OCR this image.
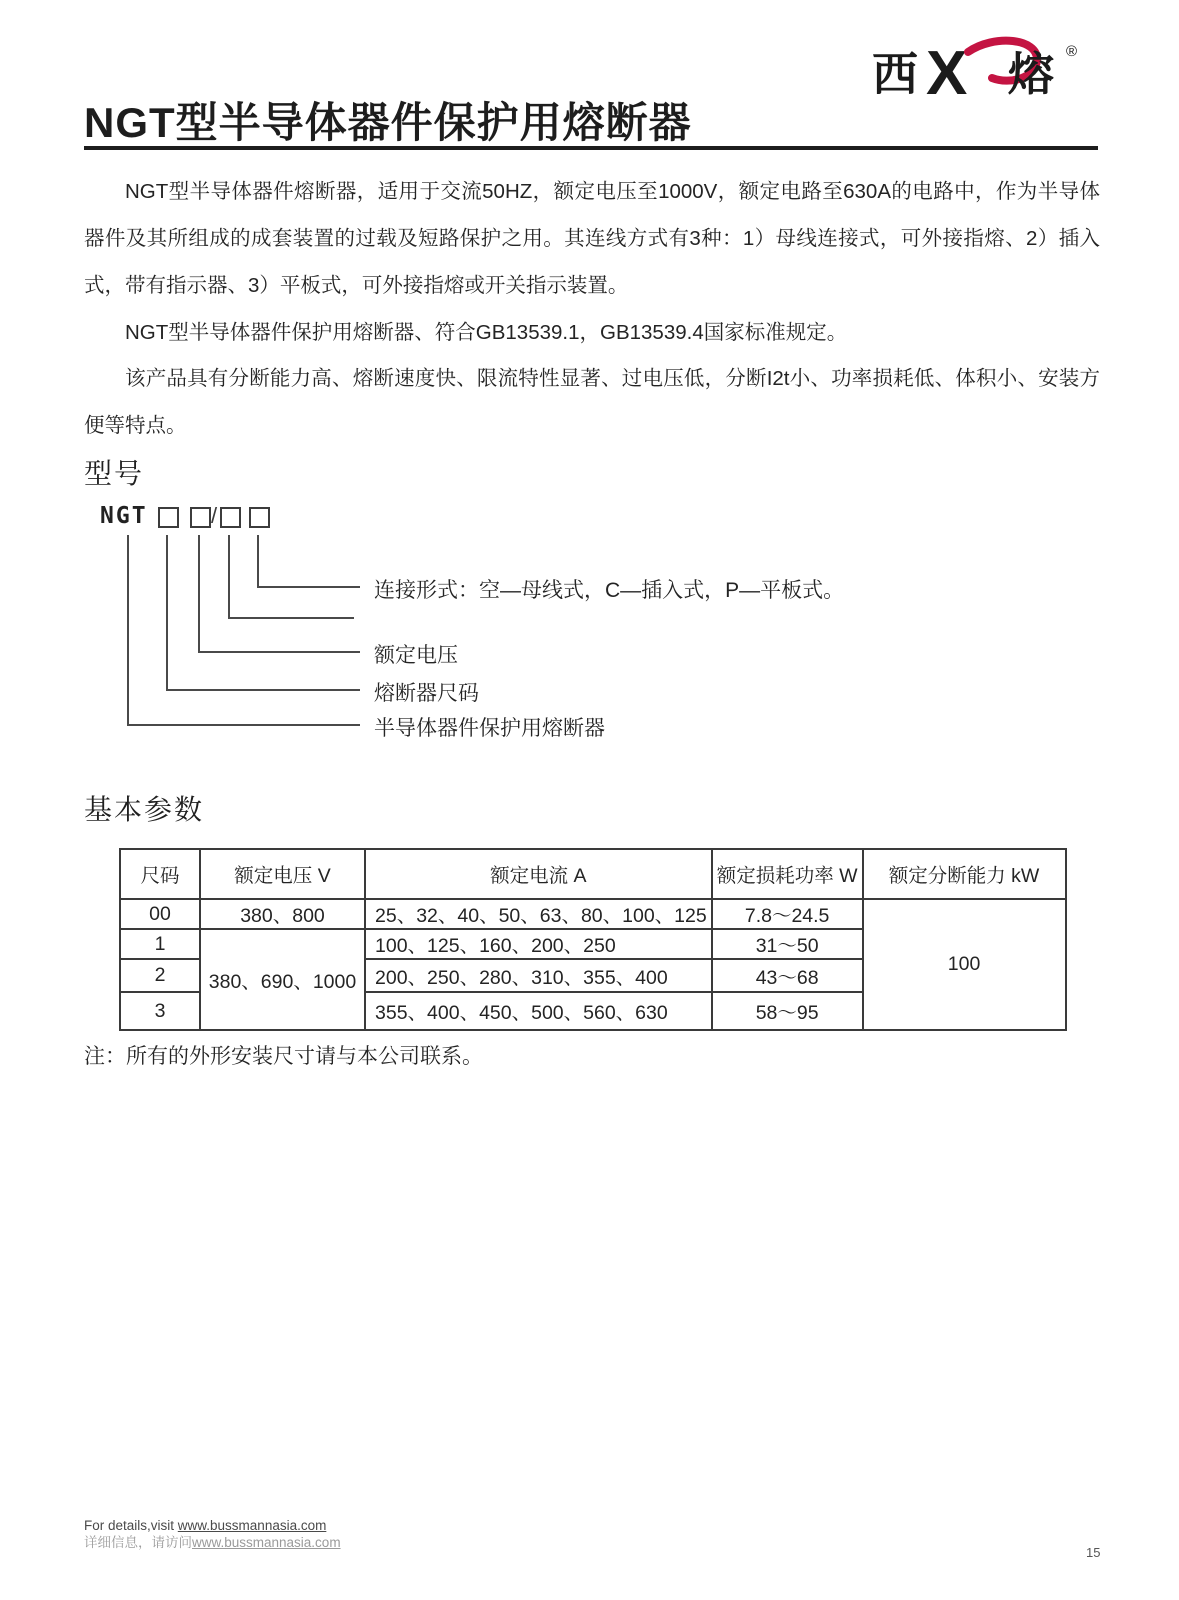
西 X 熔 ®
NGT型半导体器件保护用熔断器
NGT型半导体器件熔断器，适用于交流50HZ，额定电压至1000V，额定电路至630A的电路中，作为半导体器件及其所组成的成套装置的过载及短路保护之用。其连线方式有3种：1）母线连接式，可外接指熔、2）插入式，带有指示器、3）平板式，可外接指熔或开关指示装置。
NGT型半导体器件保护用熔断器、符合GB13539.1，GB13539.4国家标准规定。
该产品具有分断能力高、熔断速度快、限流特性显著、过电压低，分断I2t小、功率损耗低、体积小、安装方便等特点。
型号
NGT	/
连接形式：空—母线式，C—插入式，P—平板式。
额定电压
熔断器尺码
半导体器件保护用熔断器
基本参数
尺码	额定电压 V	额定电流 A	额定损耗功率 W	额定分断能力 kW
00	380、800	25、32、40、50、63、80、100、125	7.8～24.5	100
1	380、690、1000	100、125、160、200、250	31～50	
2		200、250、280、310、355、400	43～68	
3		355、400、450、500、560、630	58～95	
注：所有的外形安装尺寸请与本公司联系。
For details,visit www.bussmannasia.com
详细信息，请访问www.bussmannasia.com
15
